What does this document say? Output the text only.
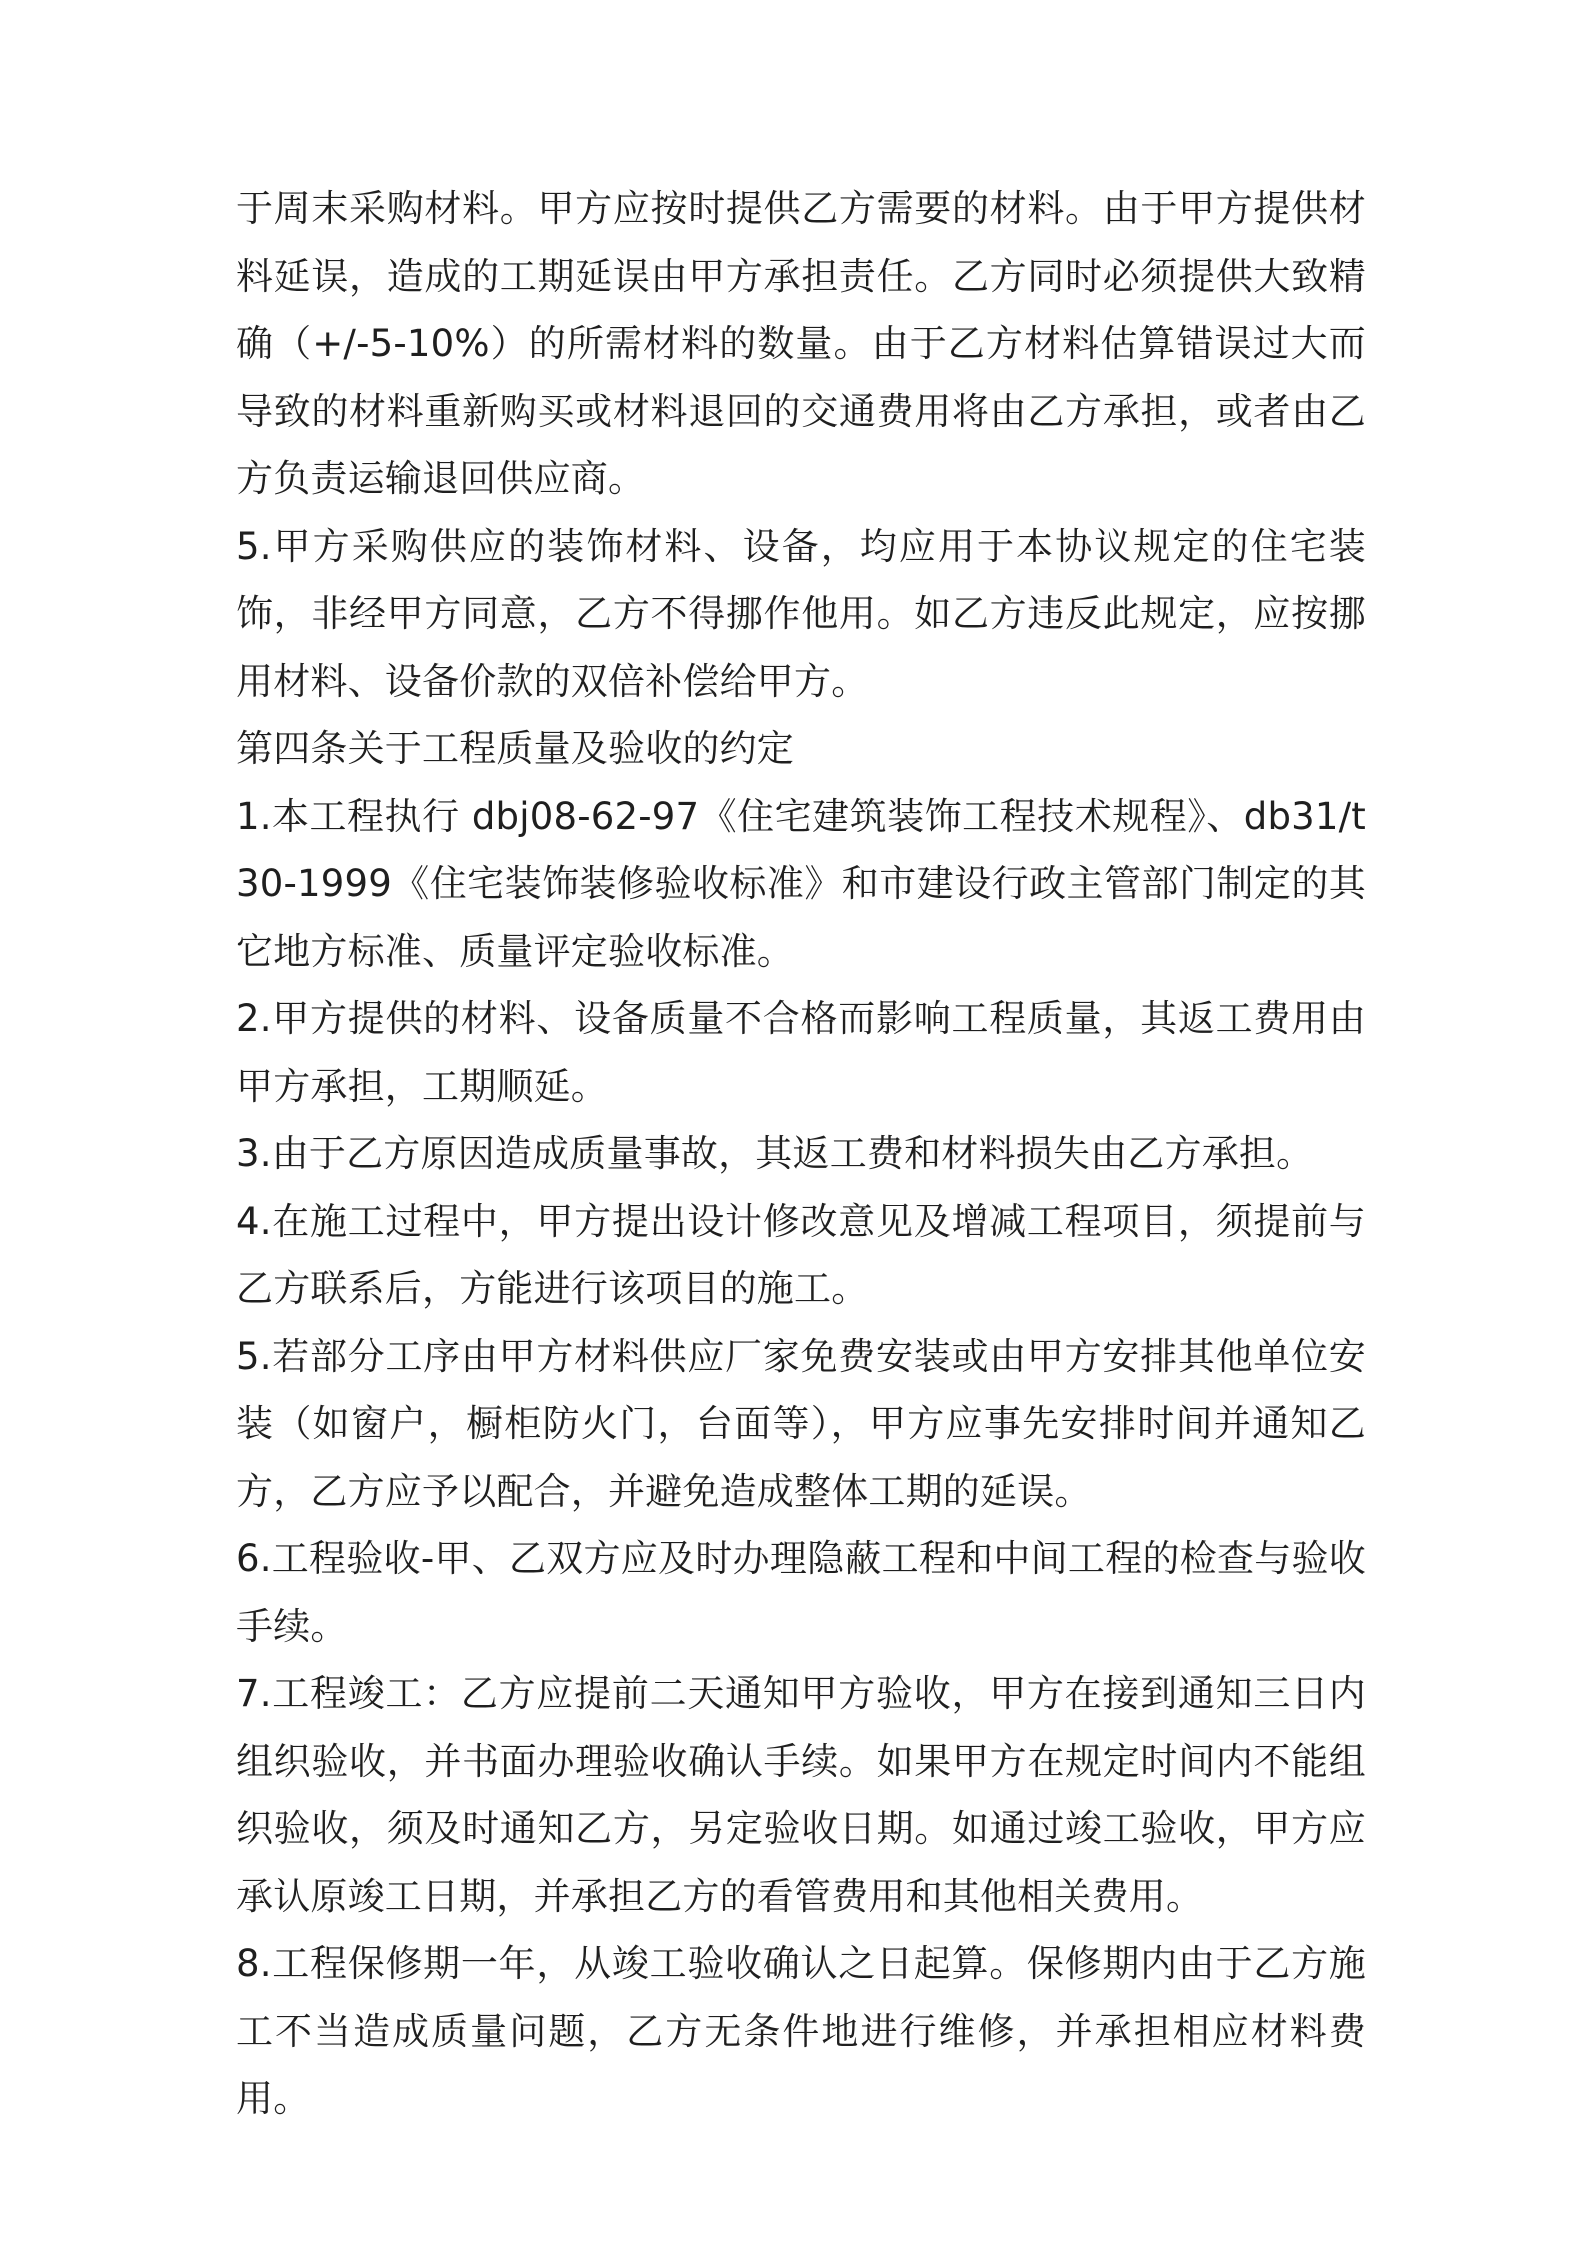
于周末采购材料。甲方应按时提供乙方需要的材料。由于甲方提供材料延误，造成的工期延误由甲方承担责任。乙方同时必须提供大致精确（+/-5-10%）的所需材料的数量。由于乙方材料估算错误过大而导致的材料重新购买或材料退回的交通费用将由乙方承担，或者由乙方负责运输退回供应商。

5.甲方采购供应的装饰材料、设备，均应用于本协议规定的住宅装饰，非经甲方同意，乙方不得挪作他用。如乙方违反此规定，应按挪用材料、设备价款的双倍补偿给甲方。

第四条关于工程质量及验收的约定

1.本工程执行 dbj08-62-97《住宅建筑装饰工程技术规程》、db31/t30-1999《住宅装饰装修验收标准》和市建设行政主管部门制定的其它地方标准、质量评定验收标准。

2.甲方提供的材料、设备质量不合格而影响工程质量，其返工费用由甲方承担，工期顺延。

3.由于乙方原因造成质量事故，其返工费和材料损失由乙方承担。

4.在施工过程中，甲方提出设计修改意见及增减工程项目，须提前与乙方联系后，方能进行该项目的施工。

5.若部分工序由甲方材料供应厂家免费安装或由甲方安排其他单位安装（如窗户，橱柜防火门，台面等），甲方应事先安排时间并通知乙方，乙方应予以配合，并避免造成整体工期的延误。

6.工程验收-甲、乙双方应及时办理隐蔽工程和中间工程的检查与验收手续。

7.工程竣工：乙方应提前二天通知甲方验收，甲方在接到通知三日内组织验收，并书面办理验收确认手续。如果甲方在规定时间内不能组织验收，须及时通知乙方，另定验收日期。如通过竣工验收，甲方应承认原竣工日期，并承担乙方的看管费用和其他相关费用。

8.工程保修期一年，从竣工验收确认之日起算。保修期内由于乙方施工不当造成质量问题，乙方无条件地进行维修，并承担相应材料费用。
